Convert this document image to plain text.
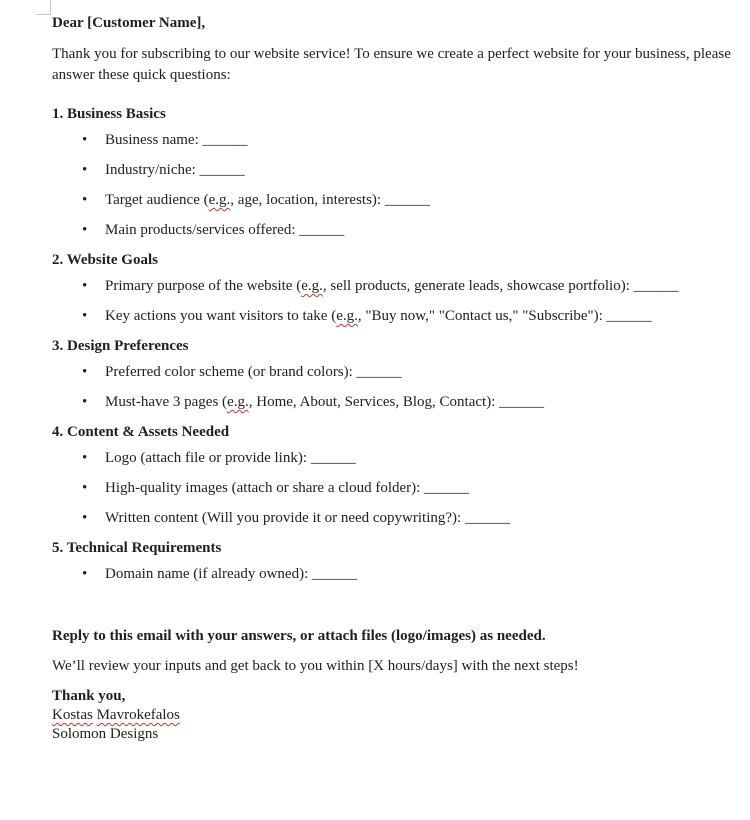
Dear [Customer Name],

Thank you for subscribing to our website service! To ensure we create a perfect website for your business, please answer these quick questions:

1. Business Basics

• Business name: ______
• Industry/niche: ______
• Target audience (e.g., age, location, interests): ______
• Main products/services offered: ______

2. Website Goals

• Primary purpose of the website (e.g., sell products, generate leads, showcase portfolio): ______
• Key actions you want visitors to take (e.g., "Buy now," "Contact us," "Subscribe"): ______

3. Design Preferences

• Preferred color scheme (or brand colors): ______
• Must-have 3 pages (e.g., Home, About, Services, Blog, Contact): ______

4. Content & Assets Needed

• Logo (attach file or provide link): ______
• High-quality images (attach or share a cloud folder): ______
• Written content (Will you provide it or need copywriting?): ______

5. Technical Requirements

• Domain name (if already owned): ______

Reply to this email with your answers, or attach files (logo/images) as needed.

We’ll review your inputs and get back to you within [X hours/days] with the next steps!

Thank you,

Kostas Mavrokefalos

Solomon Designs
